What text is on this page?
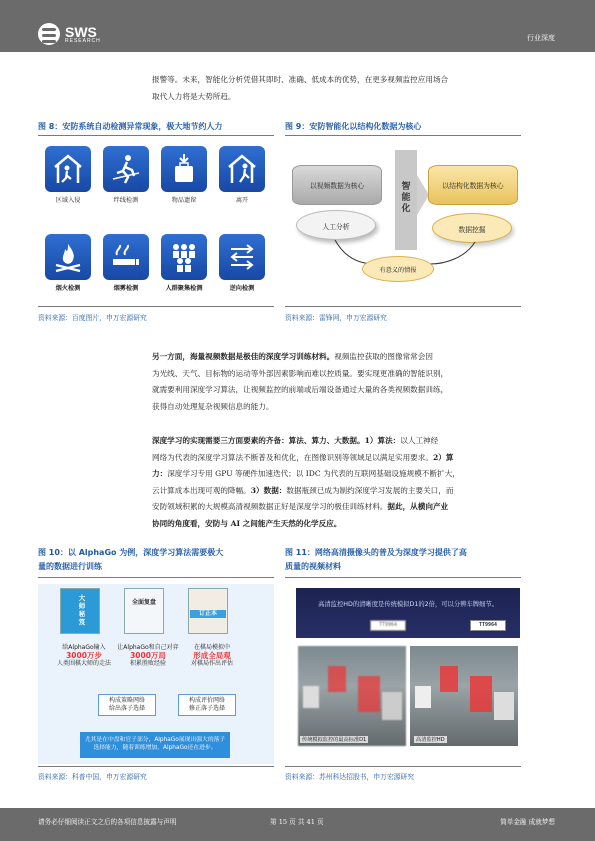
SWS
RESEARCH	行业深度
报警等。未来，智能化分析凭借其即时、准确、低成本的优势，在更多视频监控应用场合
取代人力将是大势所趋。
图 8：安防系统自动检测异常现象，极大地节约人力
区域入侵	绊线检测	物品遗留	离开
烟火检测	烟雾检测	人群聚集检测	逆向检测
资料来源：百度图片，申万宏源研究
图 9：安防智能化以结构化数据为核心
以视频数据为核心	智
能
化
以结构化数据为核心
人工分析	数据挖掘
有意义的情报
资料来源：雷锋网，申万宏源研究
另一方面，海量视频数据是极佳的深度学习训练材料。视频监控获取的图像常常会因
为光线、天气、目标物的运动等外部因素影响而难以控质量。要实现更准确的智能识别，
就需要利用深度学习算法，让视频监控的前端或后端设备通过大量的各类视频数据训练，
获得自动处理复杂视频信息的能力。
深度学习的实现需要三方面要素的齐备：算法、算力、大数据。1）算法：以人工神经
网络为代表的深度学习算法不断普及和优化，在图像识别等领域足以满足实用要求。2）算
力：深度学习专用 GPU 等硬件加速迭代；以 IDC 为代表的互联网基础设施规模不断扩大，
云计算成本出现可观的降幅。3）数据：数据瓶颈已成为制约深度学习发展的主要关口，而
安防领域积累的大规模高清视频数据正好是深度学习的极佳训练材料。据此，从横向产业
协同的角度看，安防与 AI 之间能产生天然的化学反应。
图 10：以 AlphaGo 为例，深度学习算法需要极大
量的数据进行训练
大师秘笈
全面复盘
订正本
给AlphaGo输入
3000万步
人类围棋大师的走法
让AlphaGo和自己对弈
3000万局
积累胜败经验
在棋局模拟中
形成全局观
对棋局作出评估
构成策略网络
给出落子选择
构成评价网络
修正落子选择
尤其是在中盘和官子部分，AlphaGo展现出强大的落子
选择能力，随着训练增加，AlphaGo还在进步。
资料来源：科普中国，申万宏源研究
图 11：网络高清摄像头的普及为深度学习提供了高
质量的视频材料
高清监控HD的清晰度是传统模拟D1的2倍，可以分辨车牌细节。
TT9964	TT9964
传统模拟监控的最高标准D1	高清监控HD
资料来源：苏州科达招股书，申万宏源研究
请务必仔细阅读正文之后的各项信息披露与声明	第 15 页 共 41 页	简单金融 成就梦想
